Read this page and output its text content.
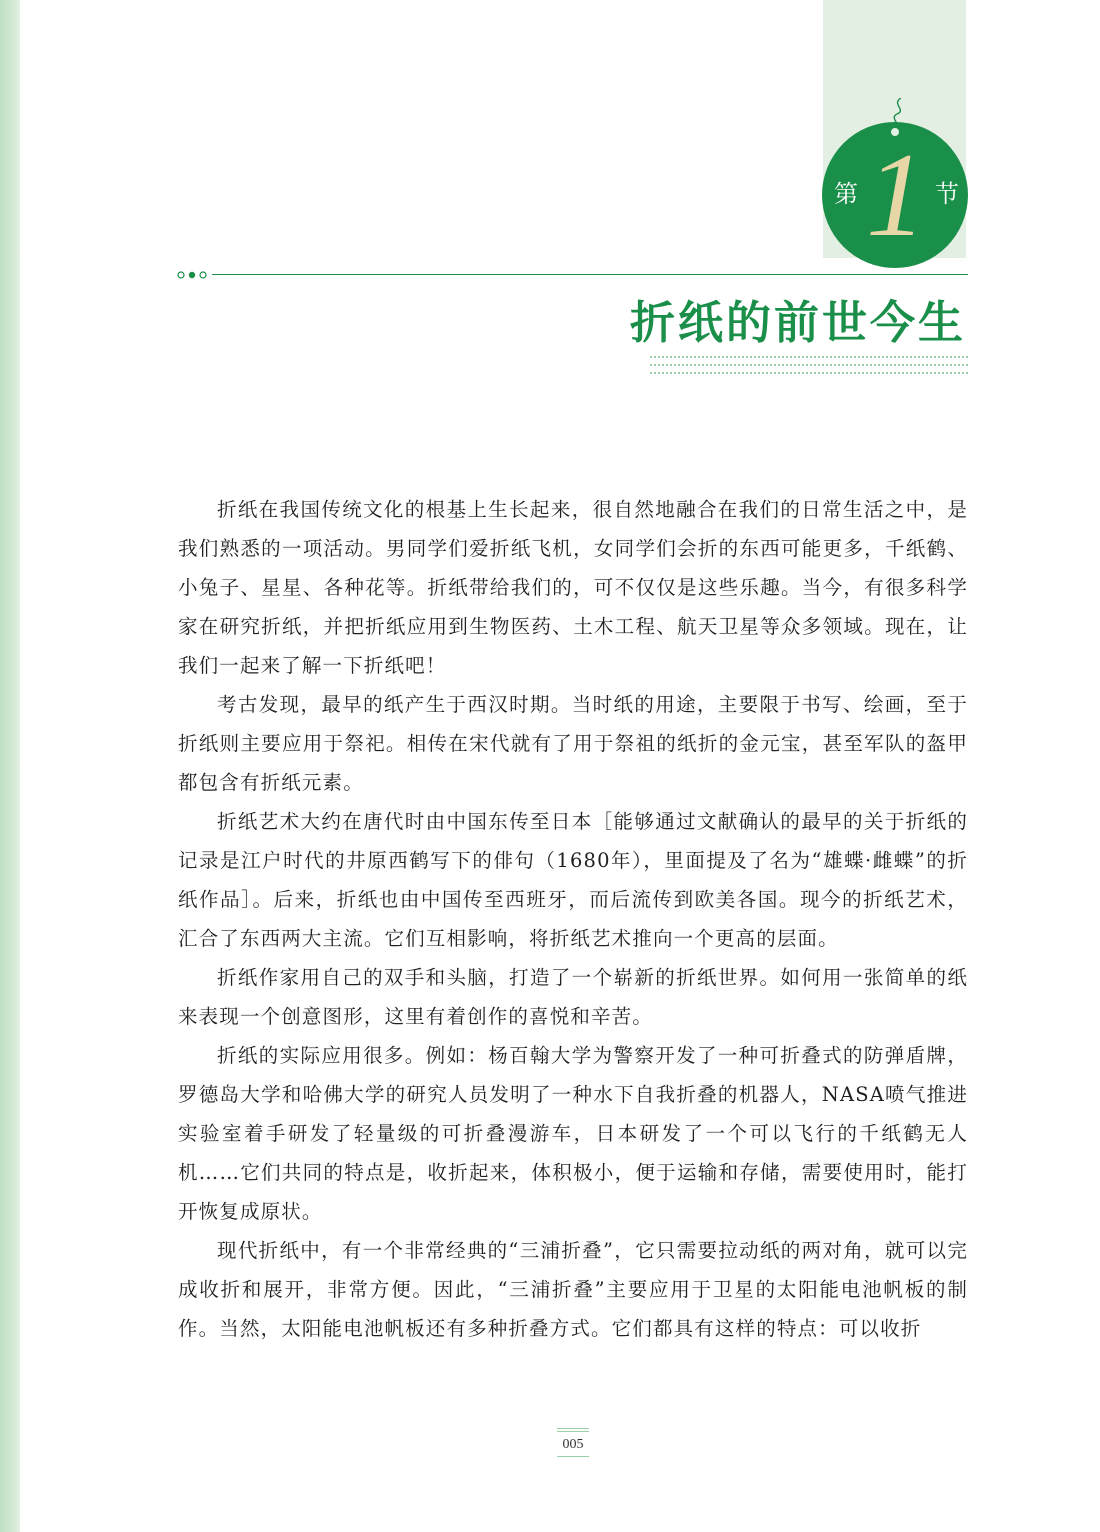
第 1 节
折纸的前世今生

折纸在我国传统文化的根基上生长起来，很自然地融合在我们的日常生活之中，是我们熟悉的一项活动。男同学们爱折纸飞机，女同学们会折的东西可能更多，千纸鹤、小兔子、星星、各种花等。折纸带给我们的，可不仅仅是这些乐趣。当今，有很多科学家在研究折纸，并把折纸应用到生物医药、土木工程、航天卫星等众多领域。现在，让我们一起来了解一下折纸吧！

考古发现，最早的纸产生于西汉时期。当时纸的用途，主要限于书写、绘画，至于折纸则主要应用于祭祀。相传在宋代就有了用于祭祖的纸折的金元宝，甚至军队的盔甲都包含有折纸元素。

折纸艺术大约在唐代时由中国东传至日本［能够通过文献确认的最早的关于折纸的记录是江户时代的井原西鹤写下的俳句（1680年），里面提及了名为“雄蝶·雌蝶”的折纸作品］。后来，折纸也由中国传至西班牙，而后流传到欧美各国。现今的折纸艺术，汇合了东西两大主流。它们互相影响，将折纸艺术推向一个更高的层面。

折纸作家用自己的双手和头脑，打造了一个崭新的折纸世界。如何用一张简单的纸来表现一个创意图形，这里有着创作的喜悦和辛苦。

折纸的实际应用很多。例如：杨百翰大学为警察开发了一种可折叠式的防弹盾牌，罗德岛大学和哈佛大学的研究人员发明了一种水下自我折叠的机器人，NASA喷气推进实验室着手研发了轻量级的可折叠漫游车，日本研发了一个可以飞行的千纸鹤无人机……它们共同的特点是，收折起来，体积极小，便于运输和存储，需要使用时，能打开恢复成原状。

现代折纸中，有一个非常经典的“三浦折叠”，它只需要拉动纸的两对角，就可以完成收折和展开，非常方便。因此，“三浦折叠”主要应用于卫星的太阳能电池帆板的制作。当然，太阳能电池帆板还有多种折叠方式。它们都具有这样的特点：可以收折

005
